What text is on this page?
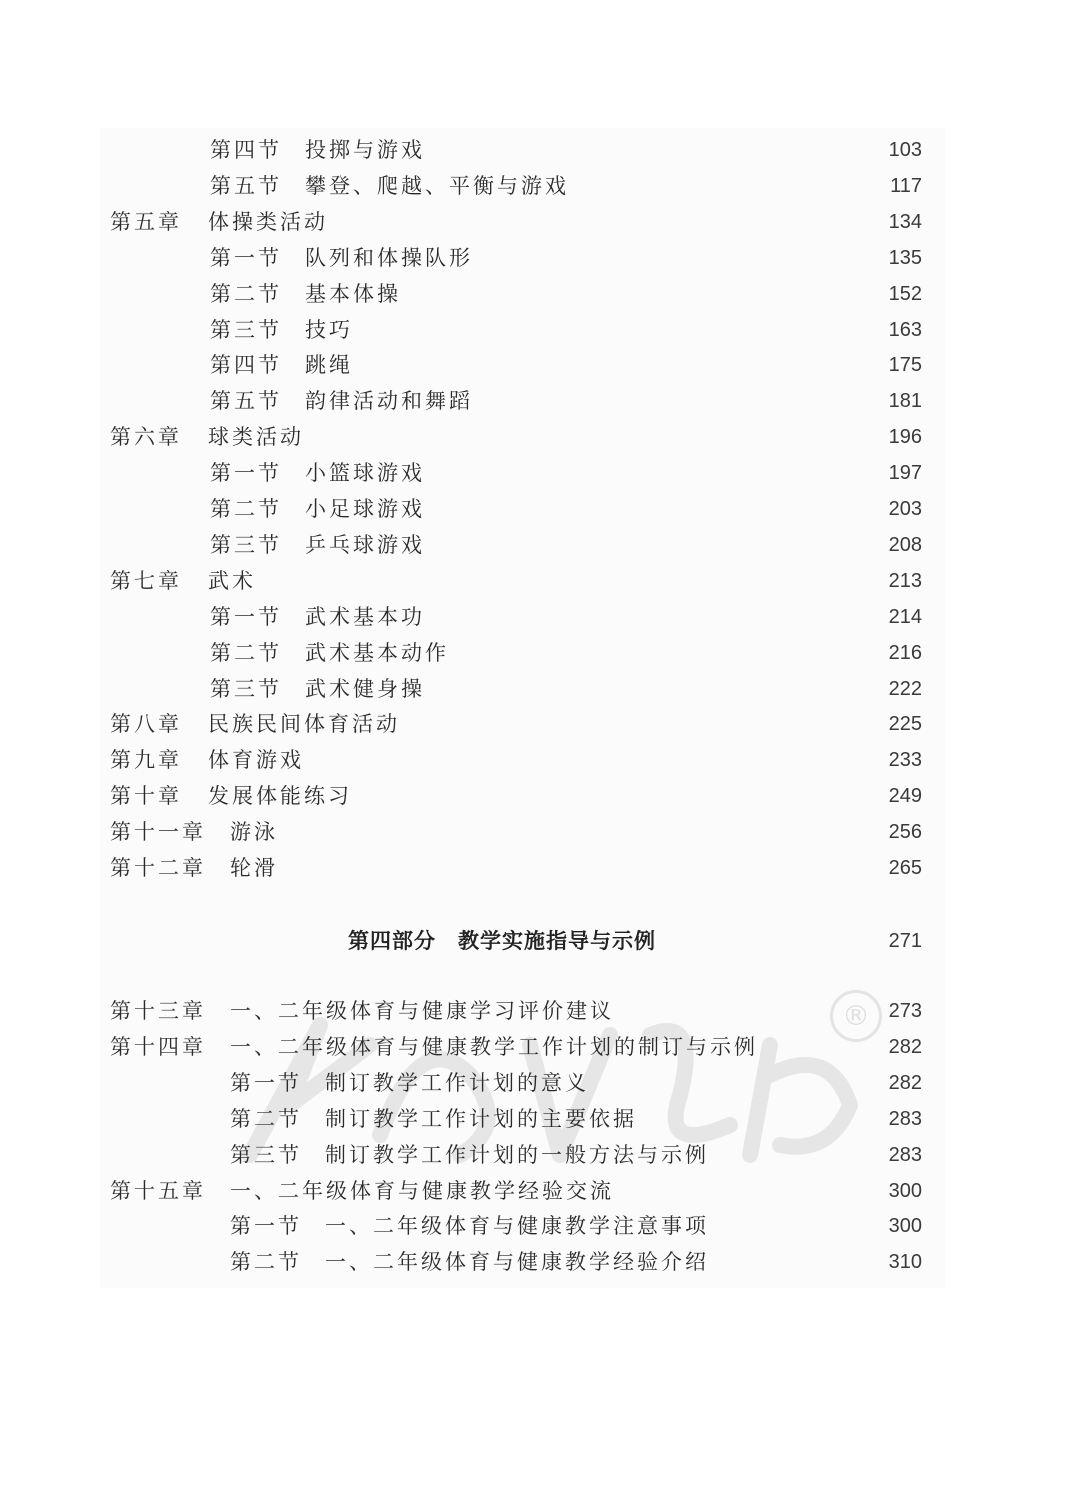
®
第四节 投掷与游戏	103
第五节 攀登、爬越、平衡与游戏	117
第五章 体操类活动	134
第一节 队列和体操队形	135
第二节 基本体操	152
第三节 技巧	163
第四节 跳绳	175
第五节 韵律活动和舞蹈	181
第六章 球类活动	196
第一节 小篮球游戏	197
第二节 小足球游戏	203
第三节 乒乓球游戏	208
第七章 武术	213
第一节 武术基本功	214
第二节 武术基本动作	216
第三节 武术健身操	222
第八章 民族民间体育活动	225
第九章 体育游戏	233
第十章 发展体能练习	249
第十一章 游泳	256
第十二章 轮滑	265
第四部分　教学实施指导与示例	271
第十三章 一、二年级体育与健康学习评价建议	273
第十四章 一、二年级体育与健康教学工作计划的制订与示例	282
第一节 制订教学工作计划的意义	282
第二节 制订教学工作计划的主要依据	283
第三节 制订教学工作计划的一般方法与示例	283
第十五章 一、二年级体育与健康教学经验交流	300
第一节 一、二年级体育与健康教学注意事项	300
第二节 一、二年级体育与健康教学经验介绍	310
